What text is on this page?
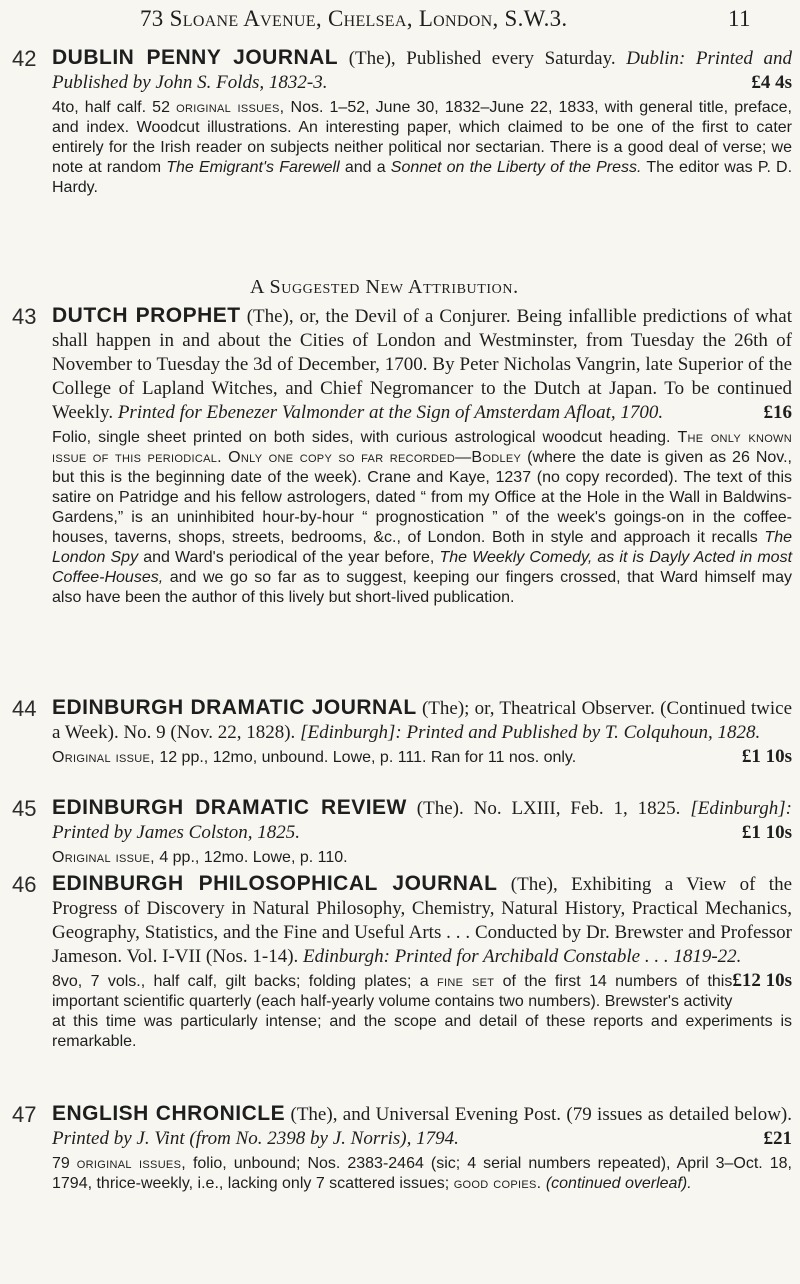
73 Sloane Avenue, Chelsea, London, S.W.3.	11
42 DUBLIN PENNY JOURNAL (The), Published every Saturday. Dublin: Printed and Published by John S. Folds, 1832-3.	£4 4s
4to, half calf. 52 original issues, Nos. 1–52, June 30, 1832–June 22, 1833, with general title, preface, and index. Woodcut illustrations. An interesting paper, which claimed to be one of the first to cater entirely for the Irish reader on subjects neither political nor sectarian. There is a good deal of verse; we note at random The Emigrant's Farewell and a Sonnet on the Liberty of the Press. The editor was P. D. Hardy.
A Suggested New Attribution.
43 DUTCH PROPHET (The), or, the Devil of a Conjurer. Being infallible predictions of what shall happen in and about the Cities of London and Westminster, from Tuesday the 26th of November to Tuesday the 3d of December, 1700. By Peter Nicholas Vangrin, late Superior of the College of Lapland Witches, and Chief Negromancer to the Dutch at Japan. To be continued Weekly. Printed for Ebenezer Valmonder at the Sign of Amsterdam Afloat, 1700.	£16
Folio, single sheet printed on both sides, with curious astrological woodcut heading. The only known issue of this periodical. Only one copy so far recorded—Bodley (where the date is given as 26 Nov., but this is the beginning date of the week). Crane and Kaye, 1237 (no copy recorded). The text of this satire on Patridge and his fellow astrologers, dated “ from my Office at the Hole in the Wall in Baldwins-Gardens,” is an uninhibited hour-by-hour “ prognostication ” of the week's goings-on in the coffee-houses, taverns, shops, streets, bedrooms, &c., of London. Both in style and approach it recalls The London Spy and Ward's periodical of the year before, The Weekly Comedy, as it is Dayly Acted in most Coffee-Houses, and we go so far as to suggest, keeping our fingers crossed, that Ward himself may also have been the author of this lively but short-lived publication.
44 EDINBURGH DRAMATIC JOURNAL (The); or, Theatrical Observer. (Continued twice a Week). No. 9 (Nov. 22, 1828). [Edinburgh]: Printed and Published by T. Colquhoun, 1828.
£1 10s
Original issue, 12 pp., 12mo, unbound. Lowe, p. 111. Ran for 11 nos. only.
45 EDINBURGH DRAMATIC REVIEW (The). No. LXIII, Feb. 1, 1825. [Edinburgh]: Printed by James Colston, 1825.	£1 10s
Original issue, 4 pp., 12mo. Lowe, p. 110.
46 EDINBURGH PHILOSOPHICAL JOURNAL (The), Exhibiting a View of the Progress of Discovery in Natural Philosophy, Chemistry, Natural History, Practical Mechanics, Geography, Statistics, and the Fine and Useful Arts . . . Conducted by Dr. Brewster and Professor Jameson. Vol. I-VII (Nos. 1-14). Edinburgh: Printed for Archibald Constable . . . 1819-22.
£12 10s
8vo, 7 vols., half calf, gilt backs; folding plates; a fine set of the first 14 numbers of this important scientific quarterly (each half-yearly volume contains two numbers). Brewster's activity at this time was particularly intense; and the scope and detail of these reports and experiments is remarkable.
47 ENGLISH CHRONICLE (The), and Universal Evening Post. (79 issues as detailed below). Printed by J. Vint (from No. 2398 by J. Norris), 1794.	£21
79 original issues, folio, unbound; Nos. 2383-2464 (sic; 4 serial numbers repeated), April 3–Oct. 18, 1794, thrice-weekly, i.e., lacking only 7 scattered issues; good copies. (continued overleaf).
